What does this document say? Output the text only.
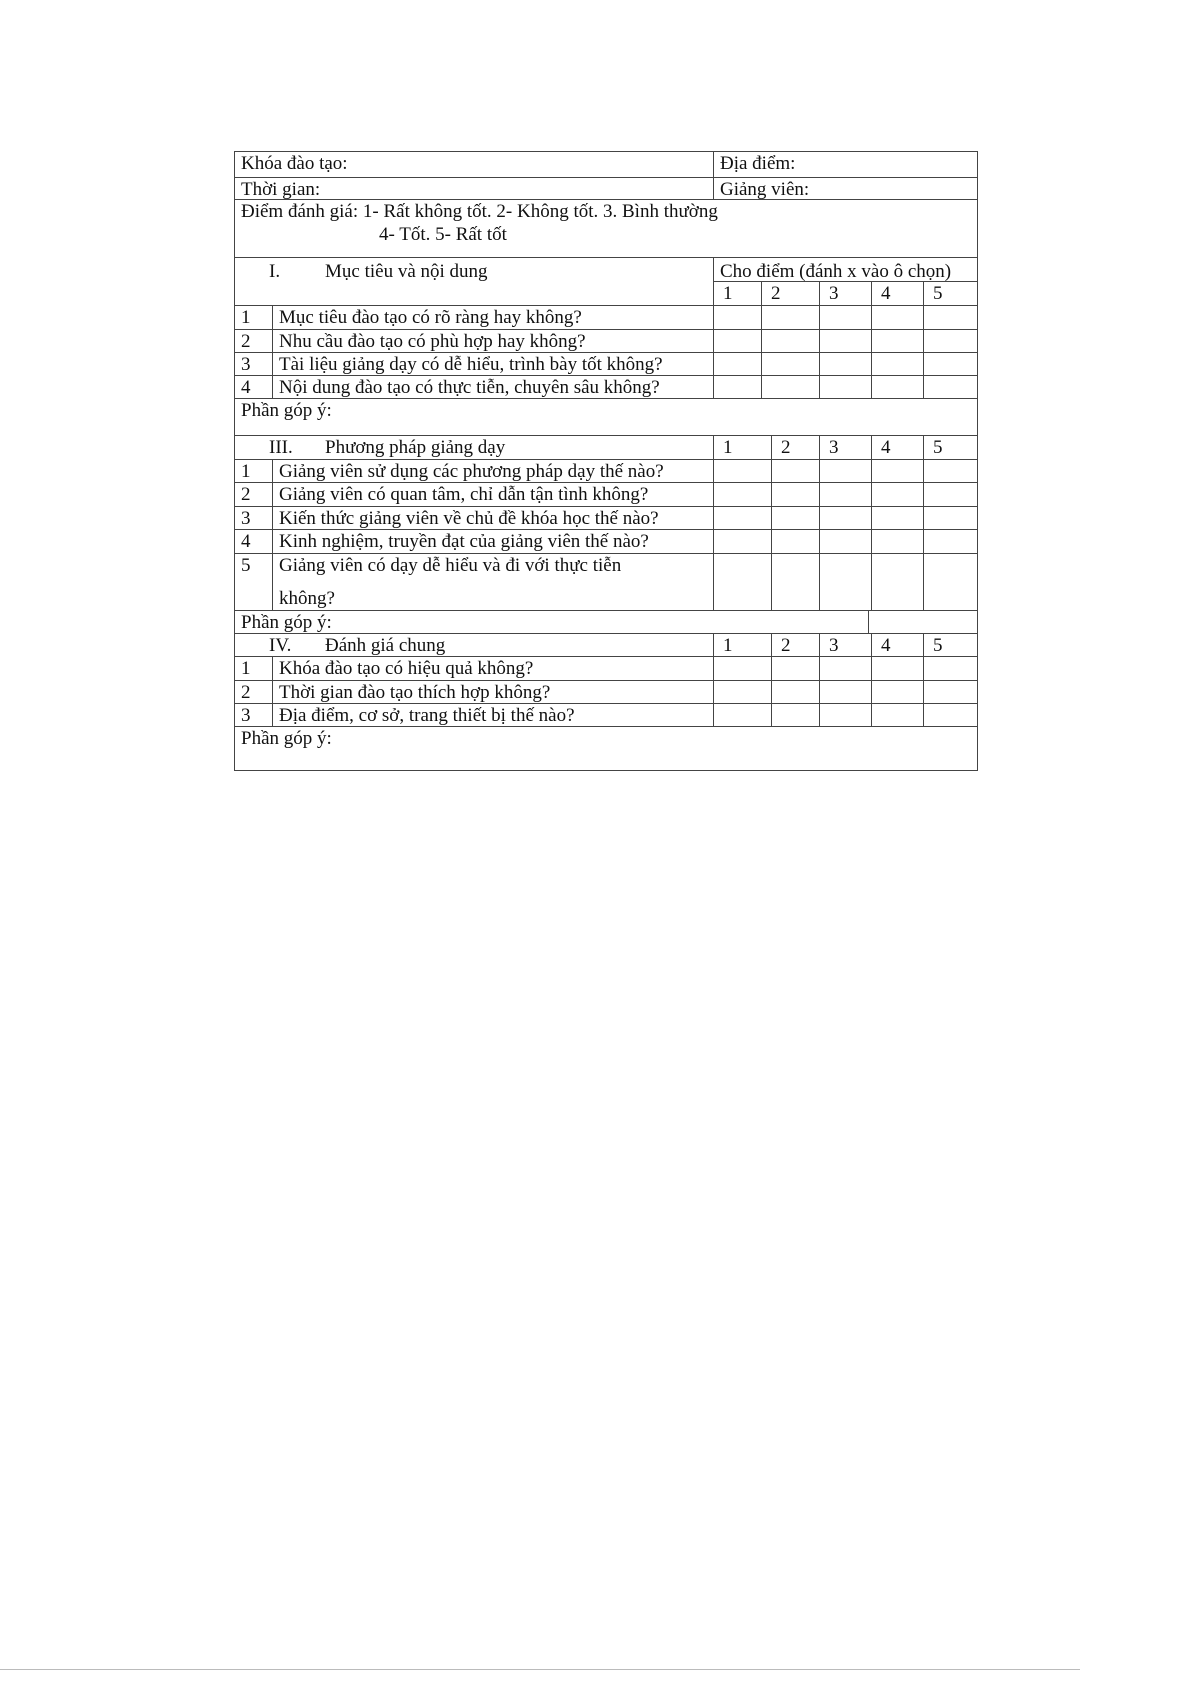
Khóa đào tạo:	Địa điểm:
Thời gian:	Giảng viên:
Điểm đánh giá: 1- Rất không tốt. 2- Không tốt. 3. Bình thường
4- Tốt. 5- Rất tốt
I. Mục tiêu và nội dung	Cho điểm (đánh x vào ô chọn)
1	2	3	4	5
1	Mục tiêu đào tạo có rõ ràng hay không?
2	Nhu cầu đào tạo có phù hợp hay không?
3	Tài liệu giảng dạy có dễ hiểu, trình bày tốt không?
4	Nội dung đào tạo có thực tiễn, chuyên sâu không?
Phần góp ý:
III. Phương pháp giảng dạy	1	2	3	4	5
1	Giảng viên sử dụng các phương pháp dạy thế nào?
2	Giảng viên có quan tâm, chỉ dẫn tận tình không?
3	Kiến thức giảng viên về chủ đề khóa học thế nào?
4	Kinh nghiệm, truyền đạt của giảng viên thế nào?
5	Giảng viên có dạy dễ hiểu và đi với thực tiễn
không?
Phần góp ý:
IV. Đánh giá chung	1	2	3	4	5
1	Khóa đào tạo có hiệu quả không?
2	Thời gian đào tạo thích hợp không?
3	Địa điểm, cơ sở, trang thiết bị thế nào?
Phần góp ý:
